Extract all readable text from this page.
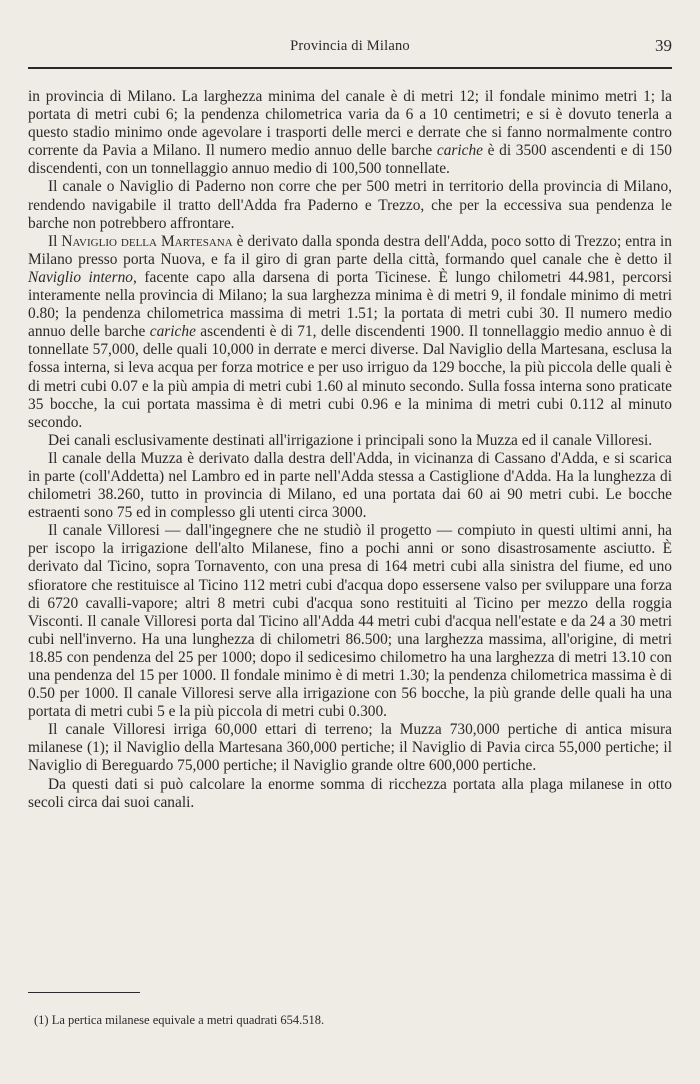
Provincia di Milano	39

in provincia di Milano. La larghezza minima del canale è di metri 12; il fondale minimo metri 1; la portata di metri cubi 6; la pendenza chilometrica varia da 6 a 10 centimetri; e si è dovuto tenerla a questo stadio minimo onde agevolare i trasporti delle merci e derrate che si fanno normalmente contro corrente da Pavia a Milano. Il numero medio annuo delle barche cariche è di 3500 ascendenti e di 150 discendenti, con un tonnellaggio annuo medio di 100,500 tonnellate.

Il canale o Naviglio di Paderno non corre che per 500 metri in territorio della provincia di Milano, rendendo navigabile il tratto dell'Adda fra Paderno e Trezzo, che per la eccessiva sua pendenza le barche non potrebbero affrontare.

Il Naviglio della Martesana è derivato dalla sponda destra dell'Adda, poco sotto di Trezzo; entra in Milano presso porta Nuova, e fa il giro di gran parte della città, formando quel canale che è detto il Naviglio interno, facente capo alla darsena di porta Ticinese. È lungo chilometri 44.981, percorsi interamente nella provincia di Milano; la sua larghezza minima è di metri 9, il fondale minimo di metri 0.80; la pendenza chilometrica massima di metri 1.51; la portata di metri cubi 30. Il numero medio annuo delle barche cariche ascendenti è di 71, delle discendenti 1900. Il tonnellaggio medio annuo è di tonnellate 57,000, delle quali 10,000 in derrate e merci diverse. Dal Naviglio della Martesana, esclusa la fossa interna, si leva acqua per forza motrice e per uso irriguo da 129 bocche, la più piccola delle quali è di metri cubi 0.07 e la più ampia di metri cubi 1.60 al minuto secondo. Sulla fossa interna sono praticate 35 bocche, la cui portata massima è di metri cubi 0.96 e la minima di metri cubi 0.112 al minuto secondo.

Dei canali esclusivamente destinati all'irrigazione i principali sono la Muzza ed il canale Villoresi.

Il canale della Muzza è derivato dalla destra dell'Adda, in vicinanza di Cassano d'Adda, e si scarica in parte (coll'Addetta) nel Lambro ed in parte nell'Adda stessa a Castiglione d'Adda. Ha la lunghezza di chilometri 38.260, tutto in provincia di Milano, ed una portata dai 60 ai 90 metri cubi. Le bocche estraenti sono 75 ed in complesso gli utenti circa 3000.

Il canale Villoresi — dall'ingegnere che ne studiò il progetto — compiuto in questi ultimi anni, ha per iscopo la irrigazione dell'alto Milanese, fino a pochi anni or sono disastrosamente asciutto. È derivato dal Ticino, sopra Tornavento, con una presa di 164 metri cubi alla sinistra del fiume, ed uno sfioratore che restituisce al Ticino 112 metri cubi d'acqua dopo essersene valso per sviluppare una forza di 6720 cavalli-vapore; altri 8 metri cubi d'acqua sono restituiti al Ticino per mezzo della roggia Visconti. Il canale Villoresi porta dal Ticino all'Adda 44 metri cubi d'acqua nell'estate e da 24 a 30 metri cubi nell'inverno. Ha una lunghezza di chilometri 86.500; una larghezza massima, all'origine, di metri 18.85 con pendenza del 25 per 1000; dopo il sedicesimo chilometro ha una larghezza di metri 13.10 con una pendenza del 15 per 1000. Il fondale minimo è di metri 1.30; la pendenza chilometrica massima è di 0.50 per 1000. Il canale Villoresi serve alla irrigazione con 56 bocche, la più grande delle quali ha una portata di metri cubi 5 e la più piccola di metri cubi 0.300.

Il canale Villoresi irriga 60,000 ettari di terreno; la Muzza 730,000 pertiche di antica misura milanese (1); il Naviglio della Martesana 360,000 pertiche; il Naviglio di Pavia circa 55,000 pertiche; il Naviglio di Bereguardo 75,000 pertiche; il Naviglio grande oltre 600,000 pertiche.

Da questi dati si può calcolare la enorme somma di ricchezza portata alla plaga milanese in otto secoli circa dai suoi canali.

(1) La pertica milanese equivale a metri quadrati 654.518.
